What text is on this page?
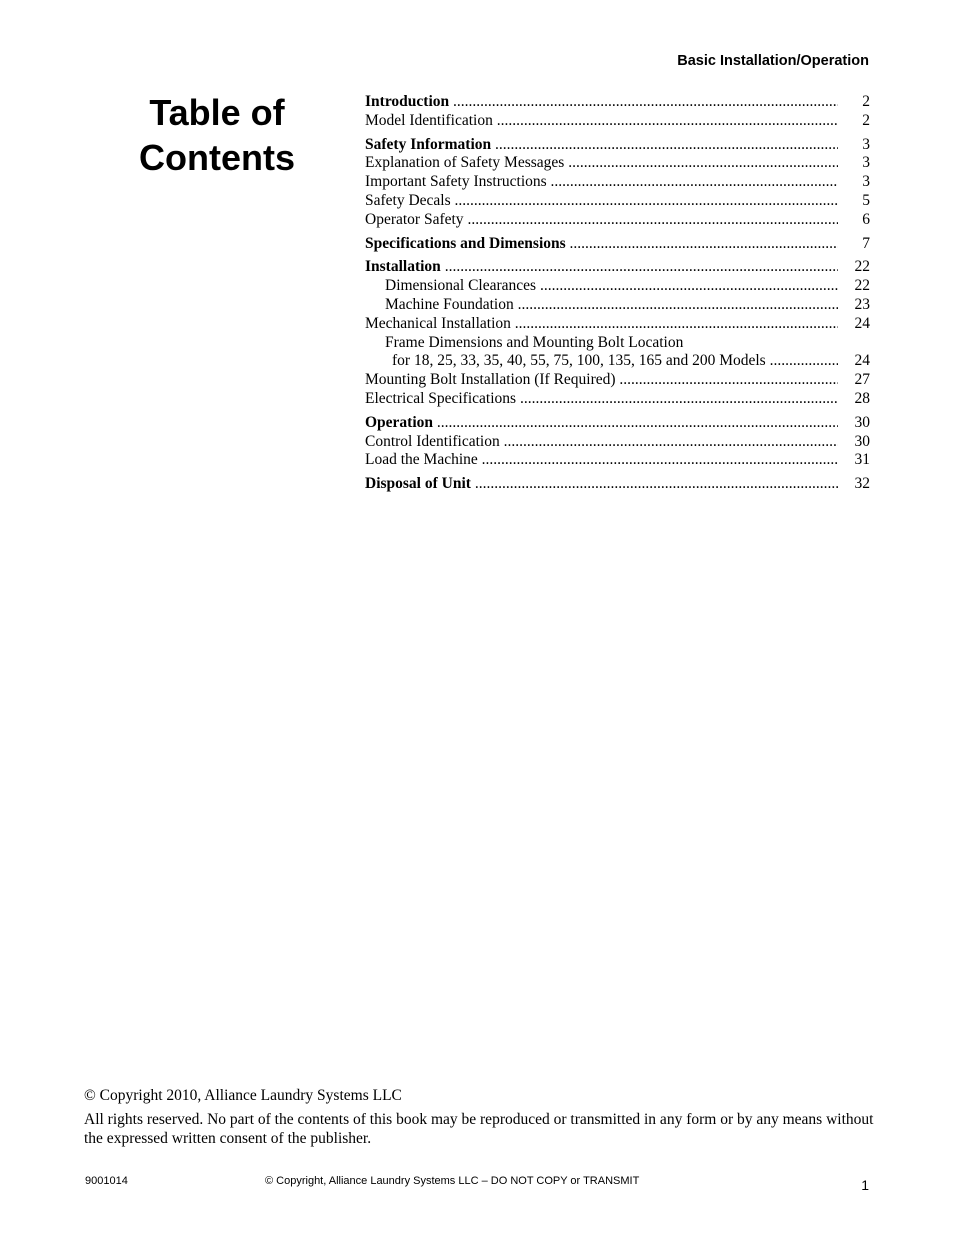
Basic Installation/Operation
Table of
Contents
Introduction .....	2
Model Identification .....	2
Safety Information .....	3
Explanation of Safety Messages .....	3
Important Safety Instructions .....	3
Safety Decals .....	5
Operator Safety .....	6
Specifications and Dimensions .....	7
Installation .....	22
Dimensional Clearances .....	22
Machine Foundation .....	23
Mechanical Installation .....	24
Frame Dimensions and Mounting Bolt Location
for 18, 25, 33, 35, 40, 55, 75, 100, 135, 165 and 200 Models .....	24
Mounting Bolt Installation (If Required) .....	27
Electrical Specifications .....	28
Operation .....	30
Control Identification .....	30
Load the Machine .....	31
Disposal of Unit .....	32
© Copyright 2010, Alliance Laundry Systems LLC
All rights reserved. No part of the contents of this book may be reproduced or transmitted in any form or by any means without the expressed written consent of the publisher.
9001014	© Copyright, Alliance Laundry Systems LLC – DO NOT COPY or TRANSMIT	1
